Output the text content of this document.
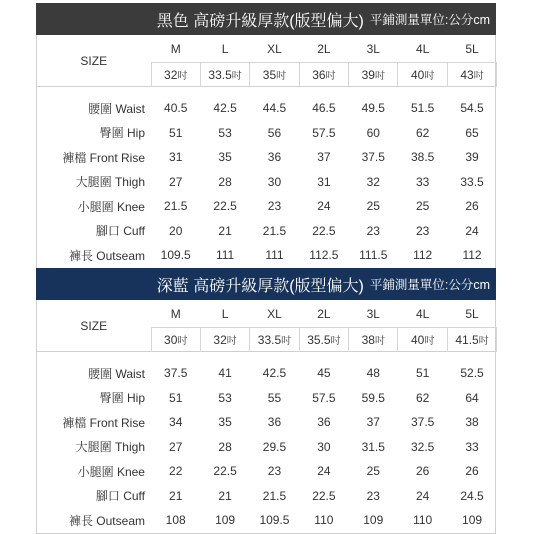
黑色 高磅升級厚款(版型偏大) 平鋪測量單位:公分cm
SIZE	M	L	XL	2L	3L	4L	5L
	32吋	33.5吋	35吋	36吋	39吋	40吋	43吋

腰圍 Waist	40.5	42.5	44.5	46.5	49.5	51.5	54.5
臀圍 Hip	51	53	56	57.5	60	62	65
褲檔 Front Rise	31	35	36	37	37.5	38.5	39
大腿圍 Thigh	27	28	30	31	32	33	33.5
小腿圍 Knee	21.5	22.5	23	24	25	25	26
腳口 Cuff	20	21	21.5	22.5	23	23	24
褲長 Outseam	109.5	111	111	112.5	111.5	112	112
深藍 高磅升級厚款(版型偏大) 平鋪測量單位:公分cm
SIZE	M	L	XL	2L	3L	4L	5L
	30吋	32吋	33.5吋	35.5吋	38吋	40吋	41.5吋

腰圍 Waist	37.5	41	42.5	45	48	51	52.5
臀圍 Hip	51	53	55	57.5	59.5	62	64
褲檔 Front Rise	34	35	36	36	37	37.5	38
大腿圍 Thigh	27	28	29.5	30	31.5	32.5	33
小腿圍 Knee	22	22.5	23	24	25	26	26
腳口 Cuff	21	21	21.5	22.5	23	24	24.5
褲長 Outseam	108	109	109.5	110	109	110	109
